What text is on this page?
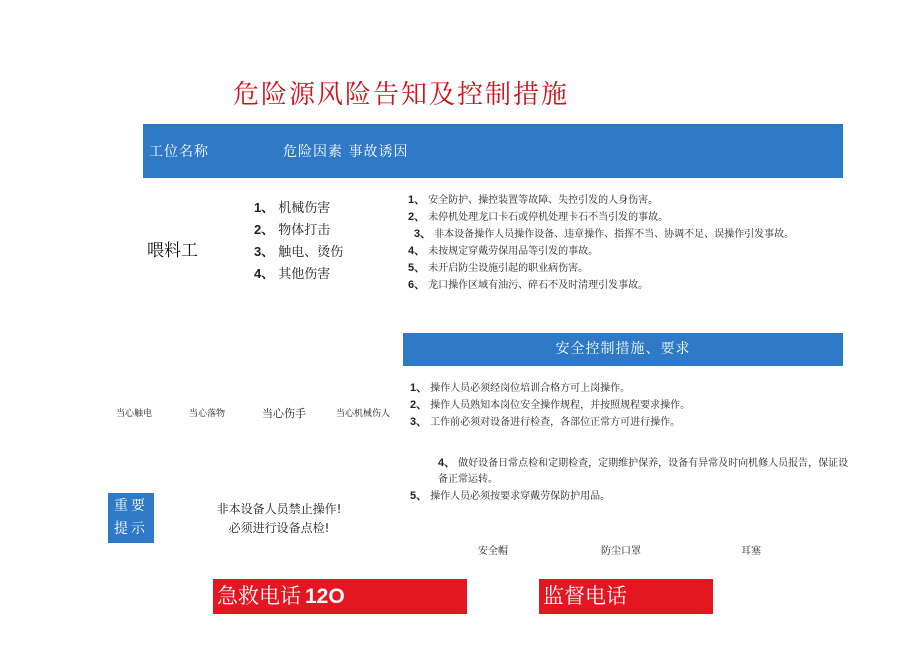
危险源风险告知及控制措施
工位名称	危险因素 事故诱因
喂料工
1、 机械伤害
2、 物体打击
3、 触电、烫伤
4、 其他伤害
1、 安全防护、操控装置等故障、失控引发的人身伤害。
2、 未停机处理龙口卡石或停机处理卡石不当引发的事故。
3、 非本设备操作人员操作设备、违章操作、指挥不当、协调不足、误操作引发事故。
4、 未按规定穿戴劳保用品等引发的事故。
5、 未开启防尘设施引起的职业病伤害。
6、 龙口操作区域有油污、碎石不及时清理引发事故。
安全控制措施、要求
当心触电	当心落物	当心伤手	当心机械伤人
1、 操作人员必须经岗位培训合格方可上岗操作。
2、 操作人员熟知本岗位安全操作规程，并按照规程要求操作。
3、 工作前必须对设备进行检查，各部位正常方可进行操作。
4、 做好设备日常点检和定期检查，定期维护保养，设备有异常及时向机修人员报告，保证设备正常运转。
5、 操作人员必须按要求穿戴劳保防护用品。
重要
提示
非本设备人员禁止操作!
必须进行设备点检!
安全帽	防尘口罩	耳塞
急救电话 12O	监督电话
